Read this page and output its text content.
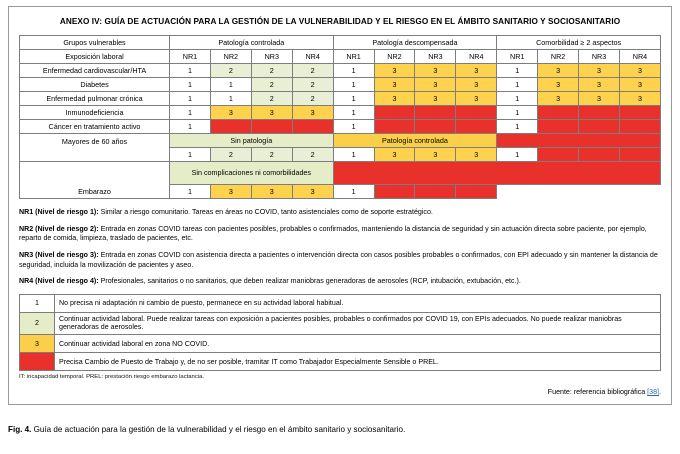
ANEXO IV: GUÍA DE ACTUACIÓN PARA LA GESTIÓN DE LA VULNERABILIDAD Y EL RIESGO EN EL ÁMBITO SANITARIO Y SOCIOSANITARIO
Grupos vulnerables	Patología controlada				Patología descompensada				Comorbilidad ≥ 2 aspectos			
Exposición laboral	NR1	NR2	NR3	NR4	NR1	NR2	NR3	NR4	NR1	NR2	NR3	NR4
Enfermedad cardiovascular/HTA	1	2	2	2	1	3	3	3	1	3	3	3
Diabetes	1	1	2	2	1	3	3	3	1	3	3	3
Enfermedad pulmonar crónica	1	1	2	2	1	3	3	3	1	3	3	3
Inmunodeficiencia	1	3	3	3	1	4	4	4	1	4	4	4
Cáncer en tratamiento activo	1	4	4	4	1	4	4	4	1	4	4	4
Mayores de 60 años	Sin patología				Patología controlada				Patología descompensada			
	1	2	2	2	1	3	3	3	1	4	4	4
	Sin complicaciones ni comorbilidades				Con complicaciones o comorbilidades							
Embarazo	1	3	3	3	1	4	4	4				

NR1 (Nivel de riesgo 1): Similar a riesgo comunitario. Tareas en áreas no COVID, tanto asistenciales como de soporte estratégico.

NR2 (Nivel de riesgo 2): Entrada en zonas COVID tareas con pacientes posibles, probables o confirmados, manteniendo la distancia de seguridad y sin actuación directa sobre paciente, por ejemplo, reparto de comida, limpieza, traslado de pacientes, etc.

NR3 (Nivel de riesgo 3): Entrada en zonas COVID con asistencia directa a pacientes o intervención directa con casos posibles probables o confirmados, con EPI adecuado y sin mantener la distancia de seguridad, incluida la movilización de pacientes y aseo.

NR4 (Nivel de riesgo 4): Profesionales, sanitarios o no sanitarios, que deben realizar maniobras generadoras de aerosoles (RCP, intubación, extubación, etc.).

1	No precisa ni adaptación ni cambio de puesto, permanece en su actividad laboral habitual.
2	Continuar actividad laboral. Puede realizar tareas con exposición a pacientes posibles, probables o confirmados por COVID 19, con EPIs adecuados. No puede realizar maniobras generadoras de aerosoles.
3	Continuar actividad laboral en zona NO COVID.
4	Precisa Cambio de Puesto de Trabajo y, de no ser posible, tramitar IT como Trabajador Especialmente Sensible o PREL.
IT: incapacidad temporal. PREL: prestación riesgo embarazo lactancia.
Fuente: referencia bibliográfica [38].
Fig. 4. Guía de actuación para la gestión de la vulnerabilidad y el riesgo en el ámbito sanitario y sociosanitario.
